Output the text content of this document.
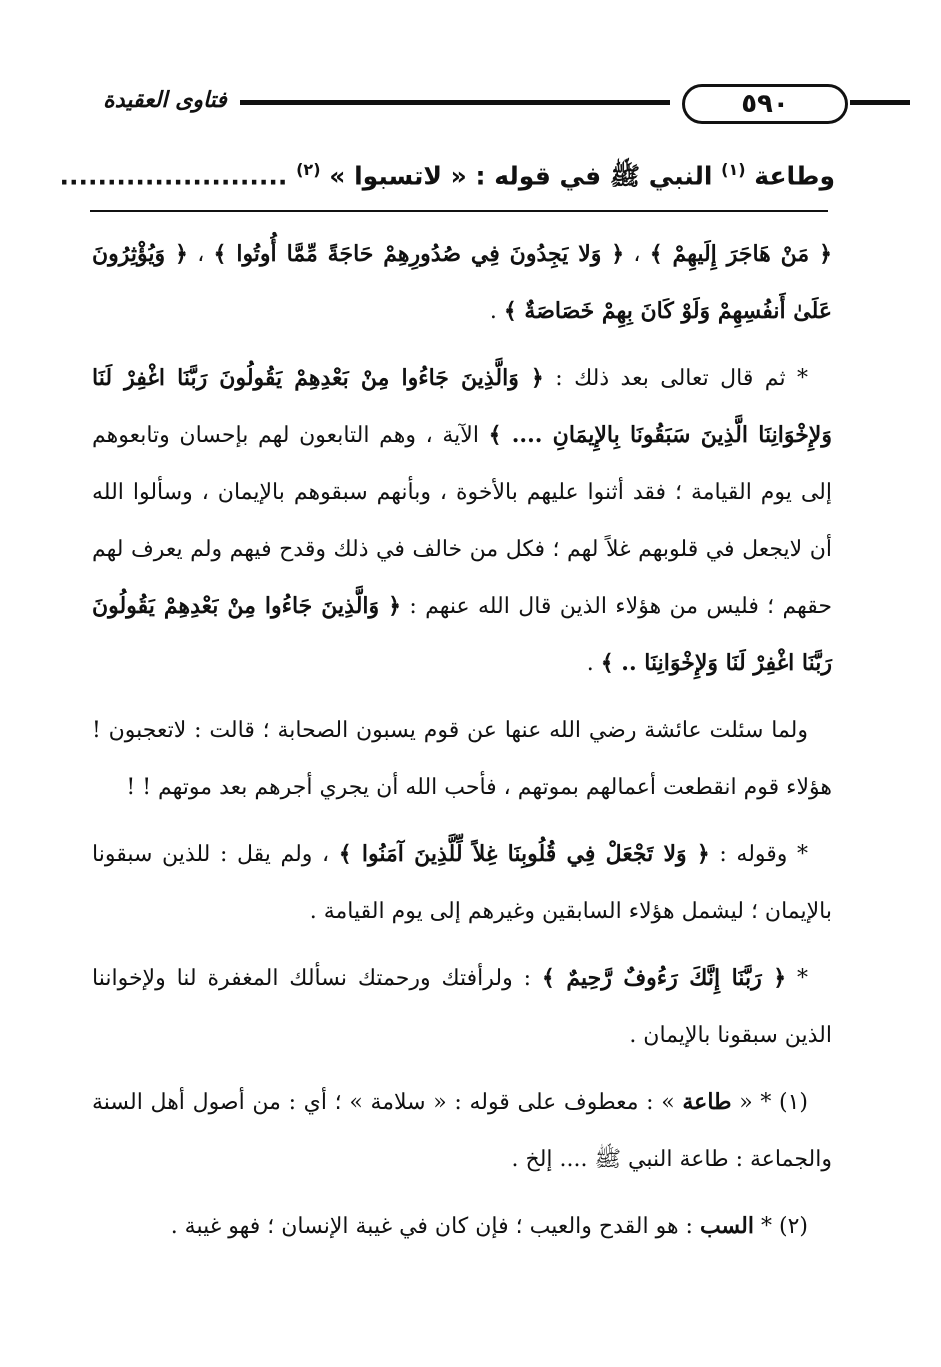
فتاوى العقيدة	٥٩٠
وطاعة $^{(١)}$ النبي ﷺ في قوله : « لاتسبوا » $^{(٢)}$ ........................

﴿ مَنْ هَاجَرَ إِلَيهِمْ ﴾ ، ﴿ وَلا يَجِدُونَ فِي صُدُورِهِمْ حَاجَةً مِّمَّا أُوتُوا ﴾ ، ﴿ وَيُؤْثِرُونَ عَلَىٰ أَنفُسِهِمْ وَلَوْ كَانَ بِهِمْ خَصَاصَةٌ ﴾ .

* ثم قال تعالى بعد ذلك : ﴿ وَالَّذِينَ جَاءُوا مِنْ بَعْدِهِمْ يَقُولُونَ رَبَّنَا اغْفِرْ لَنَا وَلإِخْوَانِنَا الَّذِينَ سَبَقُونَا بِالإِيمَانِ .... ﴾ الآية ، وهم التابعون لهم بإحسان وتابعوهم إلى يوم القيامة ؛ فقد أثنوا عليهم بالأخوة ، وبأنهم سبقوهم بالإيمان ، وسألوا الله أن لايجعل في قلوبهم غلاً لهم ؛ فكل من خالف في ذلك وقدح فيهم ولم يعرف لهم حقهم ؛ فليس من هؤلاء الذين قال الله عنهم : ﴿ وَالَّذِينَ جَاءُوا مِنْ بَعْدِهِمْ يَقُولُونَ رَبَّنَا اغْفِرْ لَنَا وَلإِخْوَانِنَا .. ﴾ .

ولما سئلت عائشة رضي الله عنها عن قوم يسبون الصحابة ؛ قالت : لاتعجبون ! هؤلاء قوم انقطعت أعمالهم بموتهم ، فأحب الله أن يجري أجرهم بعد موتهم ! !

* وقوله : ﴿ وَلا تَجْعَلْ فِي قُلُوبِنَا غِلاً لِّلَّذِينَ آمَنُوا ﴾ ، ولم يقل : للذين سبقونا بالإيمان ؛ ليشمل هؤلاء السابقين وغيرهم إلى يوم القيامة .

* ﴿ رَبَّنَا إِنَّكَ رَءُوفٌ رَّحِيمٌ ﴾ : ولرأفتك ورحمتك نسألك المغفرة لنا ولإخواننا الذين سبقونا بالإيمان .

(١) * « طاعة » : معطوف على قوله : « سلامة » ؛ أي : من أصول أهل السنة والجماعة : طاعة النبي ﷺ .... إلخ .

(٢) * السب : هو القدح والعيب ؛ فإن كان في غيبة الإنسان ؛ فهو غيبة .
